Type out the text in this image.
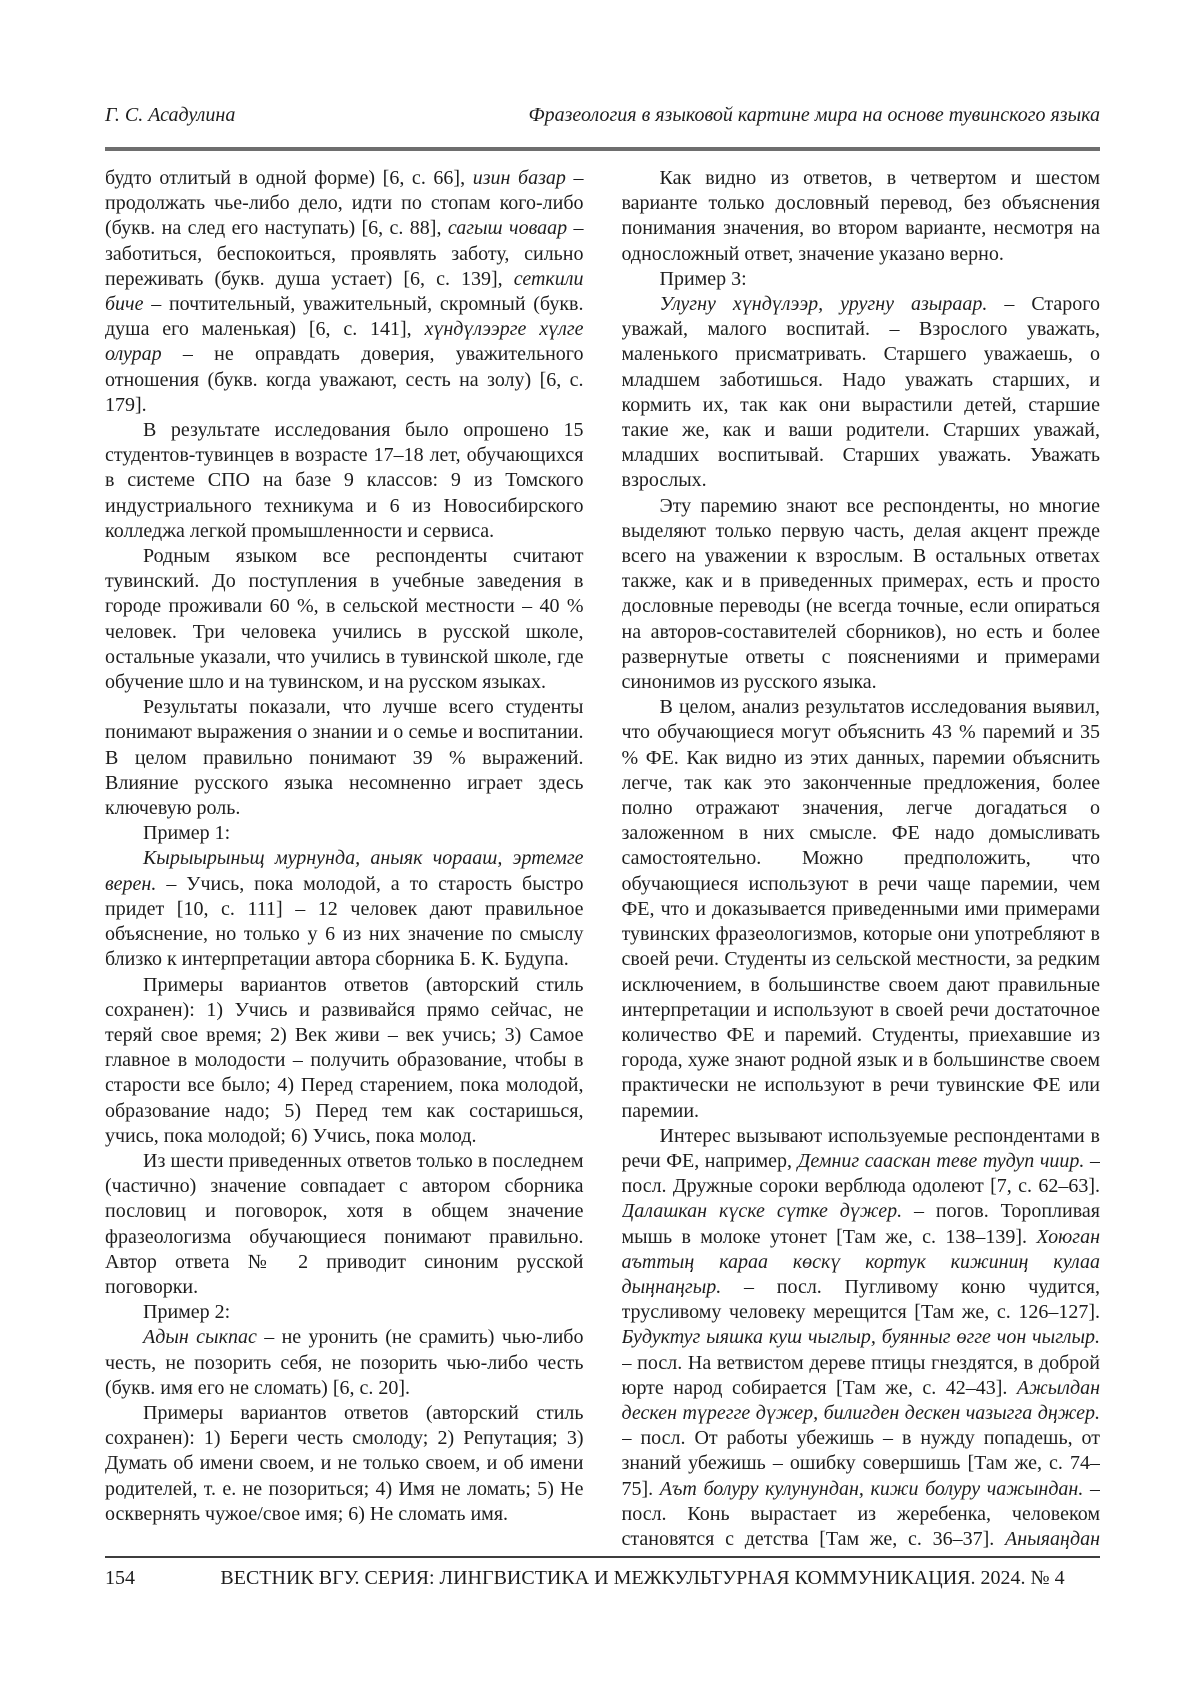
Г. С. Асадулина	Фразеология в языковой картине мира на основе тувинского языка

будто отлитый в одной форме) [6, с. 66], изин базар – продолжать чье-либо дело, идти по стопам кого-либо (букв. на след его наступать) [6, с. 88], сагыш човаар – заботиться, беспокоиться, проявлять заботу, сильно переживать (букв. душа устает) [6, с. 139], сеткили биче – почтительный, уважительный, скромный (букв. душа его маленькая) [6, с. 141], хүндүлээрге хүлге олурар – не оправдать доверия, уважительного отношения (букв. когда уважают, сесть на золу) [6, с. 179].

В результате исследования было опрошено 15 студентов-тувинцев в возрасте 17–18 лет, обучающихся в системе СПО на базе 9 классов: 9 из Томского индустриального техникума и 6 из Новосибирского колледжа легкой промышленности и сервиса.

Родным языком все респонденты считают тувинский. До поступления в учебные заведения в городе проживали 60 %, в сельской местности – 40 % человек. Три человека учились в русской школе, остальные указали, что учились в тувинской школе, где обучение шло и на тувинском, и на русском языках.

Результаты показали, что лучше всего студенты понимают выражения о знании и о семье и воспитании. В целом правильно понимают 39 % выражений. Влияние русского языка несомненно играет здесь ключевую роль.

Пример 1:

Кырыырыньщ мурнунда, аныяк чорааш, эртемге верен. – Учись, пока молодой, а то старость быстро придет [10, с. 111] – 12 человек дают правильное объяснение, но только у 6 из них значение по смыслу близко к интерпретации автора сборника Б. К. Будупа.

Примеры вариантов ответов (авторский стиль сохранен): 1) Учись и развивайся прямо сейчас, не теряй свое время; 2) Век живи – век учись; 3) Самое главное в молодости – получить образование, чтобы в старости все было; 4) Перед старением, пока молодой, образование надо; 5) Перед тем как состаришься, учись, пока молодой; 6) Учись, пока молод.

Из шести приведенных ответов только в последнем (частично) значение совпадает с автором сборника пословиц и поговорок, хотя в общем значение фразеологизма обучающиеся понимают правильно. Автор ответа № 2 приводит синоним русской поговорки.

Пример 2:

Адын сыкпас – не уронить (не срамить) чью-либо честь, не позорить себя, не позорить чью-либо честь (букв. имя его не сломать) [6, с. 20].

Примеры вариантов ответов (авторский стиль сохранен): 1) Береги честь смолоду; 2) Репутация; 3) Думать об имени своем, и не только своем, и об имени родителей, т. е. не позориться; 4) Имя не ломать; 5) Не осквернять чужое/свое имя; 6) Не сломать имя.

Как видно из ответов, в четвертом и шестом варианте только дословный перевод, без объяснения понимания значения, во втором варианте, несмотря на односложный ответ, значение указано верно.

Пример 3:

Улугну хүндүлээр, уругну азыраар. – Старого уважай, малого воспитай. – Взрослого уважать, маленького присматривать. Старшего уважаешь, о младшем заботишься. Надо уважать старших, и кормить их, так как они вырастили детей, старшие такие же, как и ваши родители. Старших уважай, младших воспитывай. Старших уважать. Уважать взрослых.

Эту паремию знают все респонденты, но многие выделяют только первую часть, делая акцент прежде всего на уважении к взрослым. В остальных ответах также, как и в приведенных примерах, есть и просто дословные переводы (не всегда точные, если опираться на авторов-составителей сборников), но есть и более развернутые ответы с пояснениями и примерами синонимов из русского языка.

В целом, анализ результатов исследования выявил, что обучающиеся могут объяснить 43 % паремий и 35 % ФЕ. Как видно из этих данных, паремии объяснить легче, так как это законченные предложения, более полно отражают значения, легче догадаться о заложенном в них смысле. ФЕ надо домысливать самостоятельно. Можно предположить, что обучающиеся используют в речи чаще паремии, чем ФЕ, что и доказывается приведенными ими примерами тувинских фразеологизмов, которые они употребляют в своей речи. Студенты из сельской местности, за редким исключением, в большинстве своем дают правильные интерпретации и используют в своей речи достаточное количество ФЕ и паремий. Студенты, приехавшие из города, хуже знают родной язык и в большинстве своем практически не используют в речи тувинские ФЕ или паремии.

Интерес вызывают используемые респондентами в речи ФЕ, например, Демниг сааскан теве тудуп чиир. – посл. Дружные сороки верблюда одолеют [7, с. 62–63]. Далашкан күске сүтке дүжер. – погов. Торопливая мышь в молоке утонет [Там же, с. 138–139]. Хоюган аъттың караа көскү кортук кижиниң кулаа дыңнаңгыр. – посл. Пугливому коню чудится, трусливому человеку мерещится [Там же, с. 126–127]. Будуктуг ыяшка куш чыглыр, буянныг өгге чон чыглыр. – посл. На ветвистом дереве птицы гнездятся, в доброй юрте народ собирается [Там же, с. 42–43]. Ажылдан дескен түрегге дүжер, билигден дескен чазыгга дңжер. – посл. От работы убежишь – в нужду попадешь, от знаний убежишь – ошибку совершишь [Там же, с. 74–75]. Аът болуру кулунундан, кижи болуру чажындан. – посл. Конь вырастает из жеребенка, человеком становятся с детства [Там же, с. 36–37]. Аныяаңдан

154	ВЕСТНИК ВГУ. СЕРИЯ: ЛИНГВИСТИКА И МЕЖКУЛЬТУРНАЯ КОММУНИКАЦИЯ. 2024. № 4
